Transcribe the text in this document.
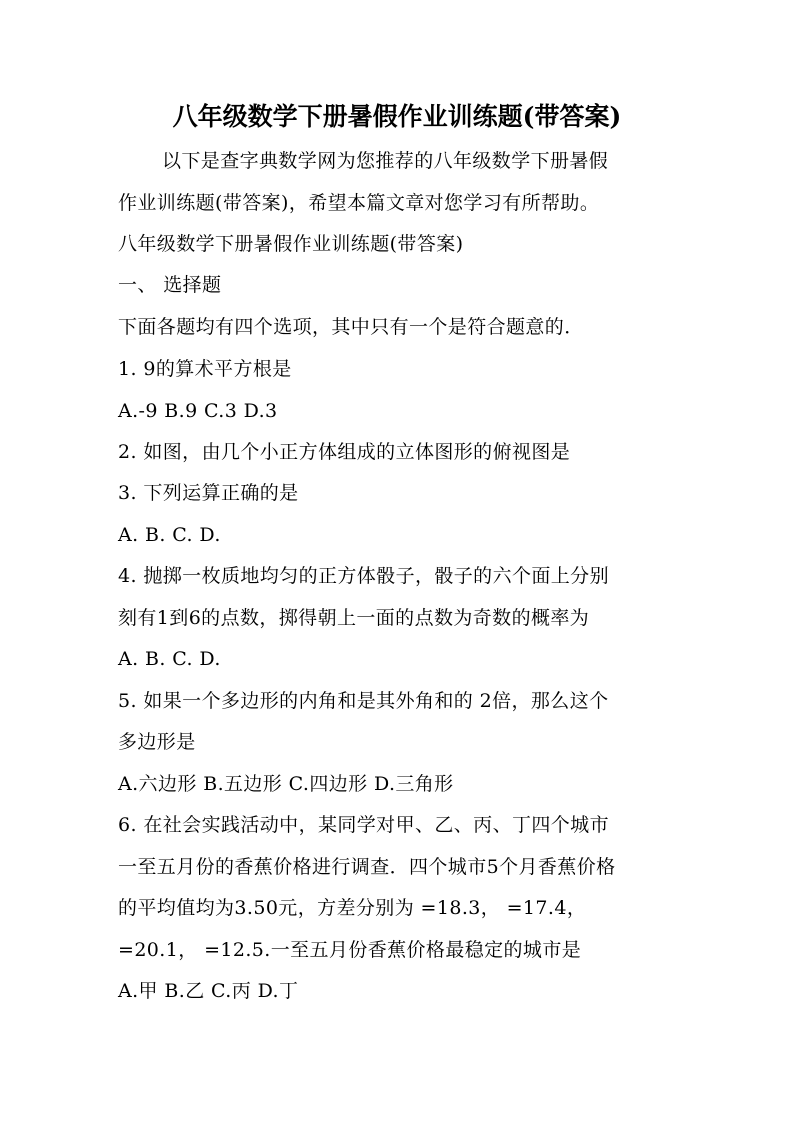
八年级数学下册暑假作业训练题(带答案)
以下是查字典数学网为您推荐的八年级数学下册暑假
作业训练题(带答案)，希望本篇文章对您学习有所帮助。
八年级数学下册暑假作业训练题(带答案)
一、 选择题
下面各题均有四个选项，其中只有一个是符合题意的．
1. 9的算术平方根是
A.-9 B.9 C.3 D.3
2. 如图，由几个小正方体组成的立体图形的俯视图是
3. 下列运算正确的是
A. B. C. D.
4. 抛掷一枚质地均匀的正方体骰子，骰子的六个面上分别
刻有1到6的点数，掷得朝上一面的点数为奇数的概率为
A. B. C. D.
5. 如果一个多边形的内角和是其外角和的 2倍，那么这个
多边形是
A.六边形 B.五边形 C.四边形 D.三角形
6. 在社会实践活动中，某同学对甲、乙、丙、丁四个城市
一至五月份的香蕉价格进行调查．四个城市5个月香蕉价格
的平均值均为3.50元，方差分别为 =18.3， =17.4，
=20.1， =12.5.一至五月份香蕉价格最稳定的城市是
A.甲 B.乙 C.丙 D.丁
